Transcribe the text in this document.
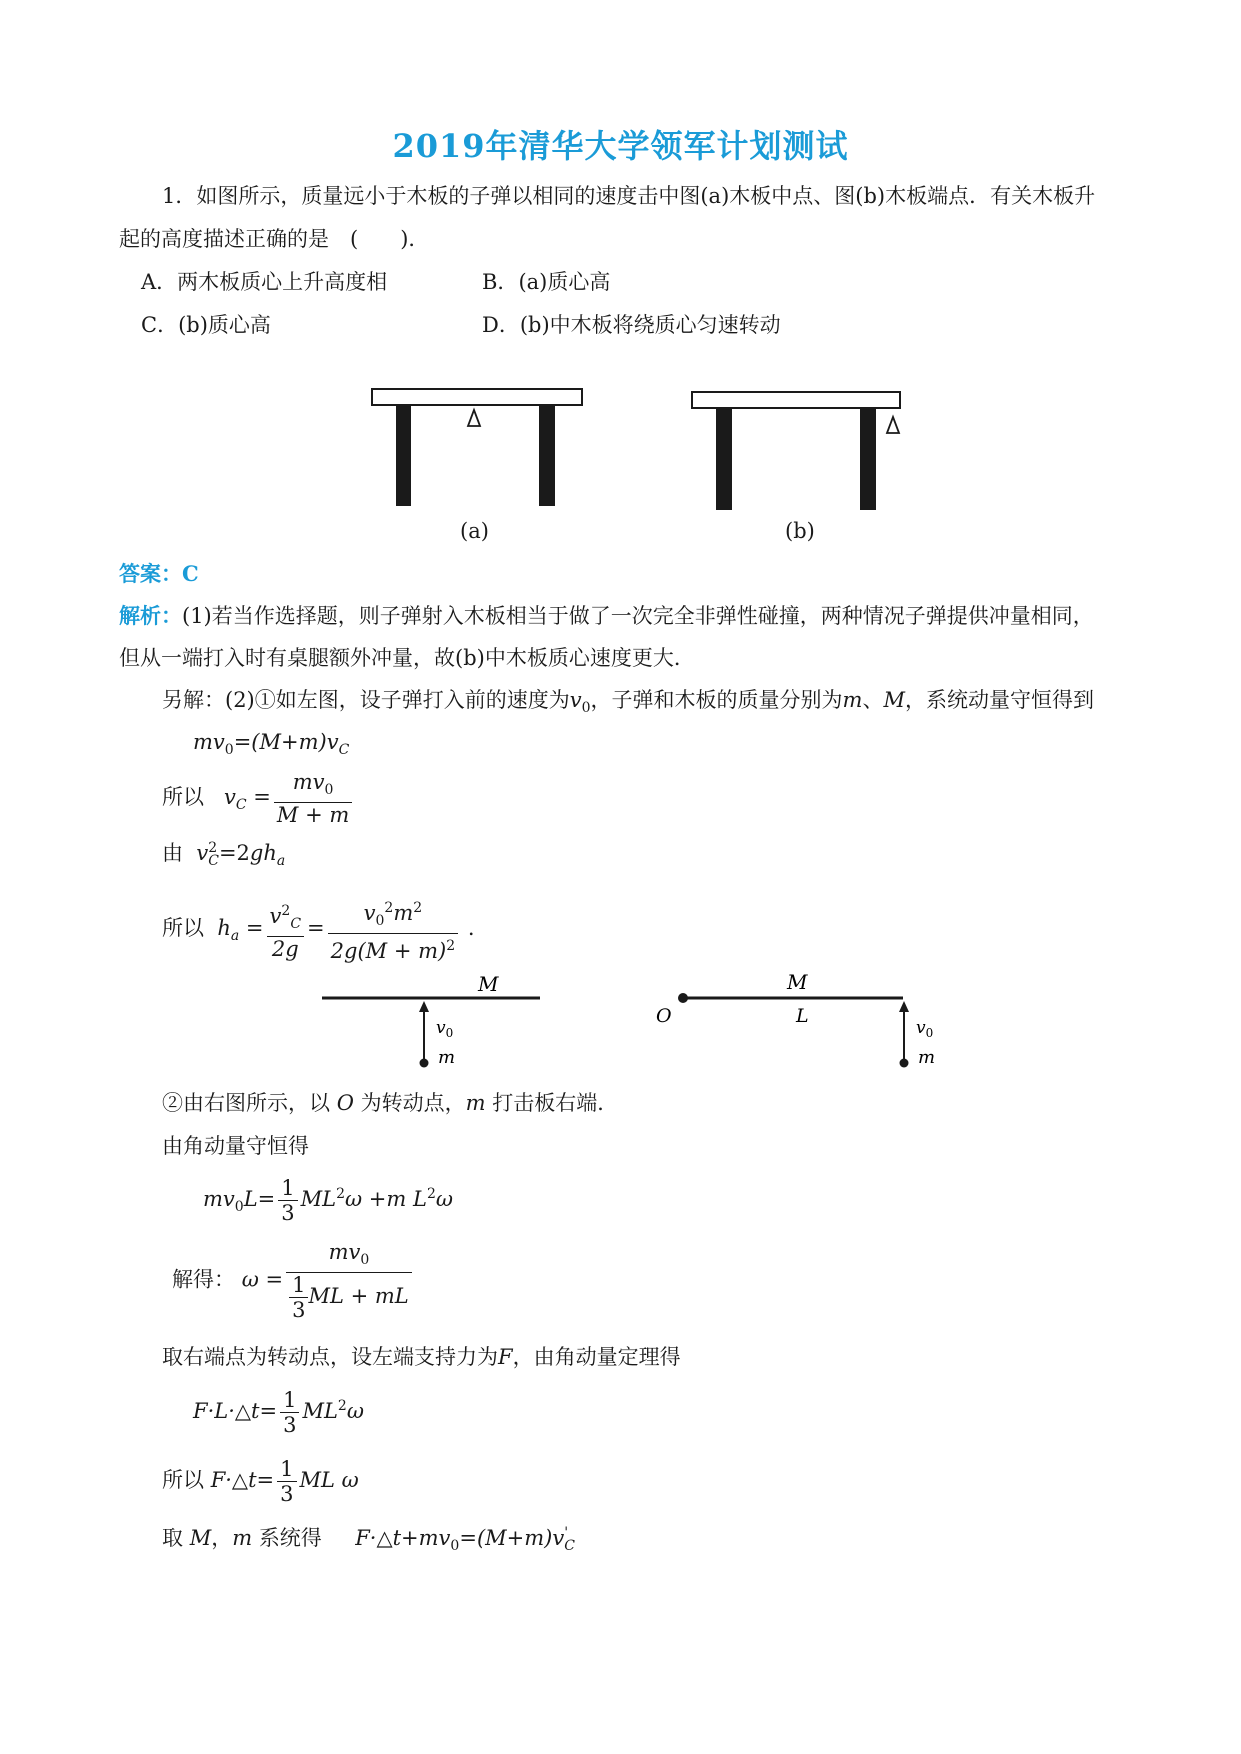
2019年清华大学领军计划测试
1．如图所示，质量远小于木板的子弹以相同的速度击中图(a)木板中点、图(b)木板端点．有关木板升
起的高度描述正确的是　(　　)．
A．两木板质心上升高度相	B．(a)质心高
C．(b)质心高	D．(b)中木板将绕质心匀速转动
(a)	(b)
答案：C
解析：(1)若当作选择题，则子弹射入木板相当于做了一次完全非弹性碰撞，两种情况子弹提供冲量相同，
但从一端打入时有桌腿额外冲量，故(b)中木板质心速度更大．
另解：(2)①如左图，设子弹打入前的速度为$v_0$，子弹和木板的质量分别为m、M，系统动量守恒得到
$mv_0=(M+m)v_C$
所以 $v_C = \frac{mv_0}{M + m}$
由 v 2
$C =2gh_a$
所以 $h_a = \frac{v^2_C}{2g} = \frac{v_0^2m^2}{2g(M + m)^2}$ .
M
$v_0$
m
M
L
O
$v_0$
m
②由右图所示，以 O 为转动点，m 打击板右端．
由角动量守恒得
$mv_0L= \frac{1}{3} ML^2\omega +m$ $L^2\omega$
解得： $\omega = \frac{mv_0}{\frac{1}{3} ML + mL}$
取右端点为转动点，设左端支持力为F，由角动量定理得
F·L·△t= $\frac{1}{3} ML^2\omega$
所以 F·△t= $\frac{1}{3}$ ML ω
取 M，m 系统得 $F\cdot\triangle t+mv_0=(M+m)v$ '
C
